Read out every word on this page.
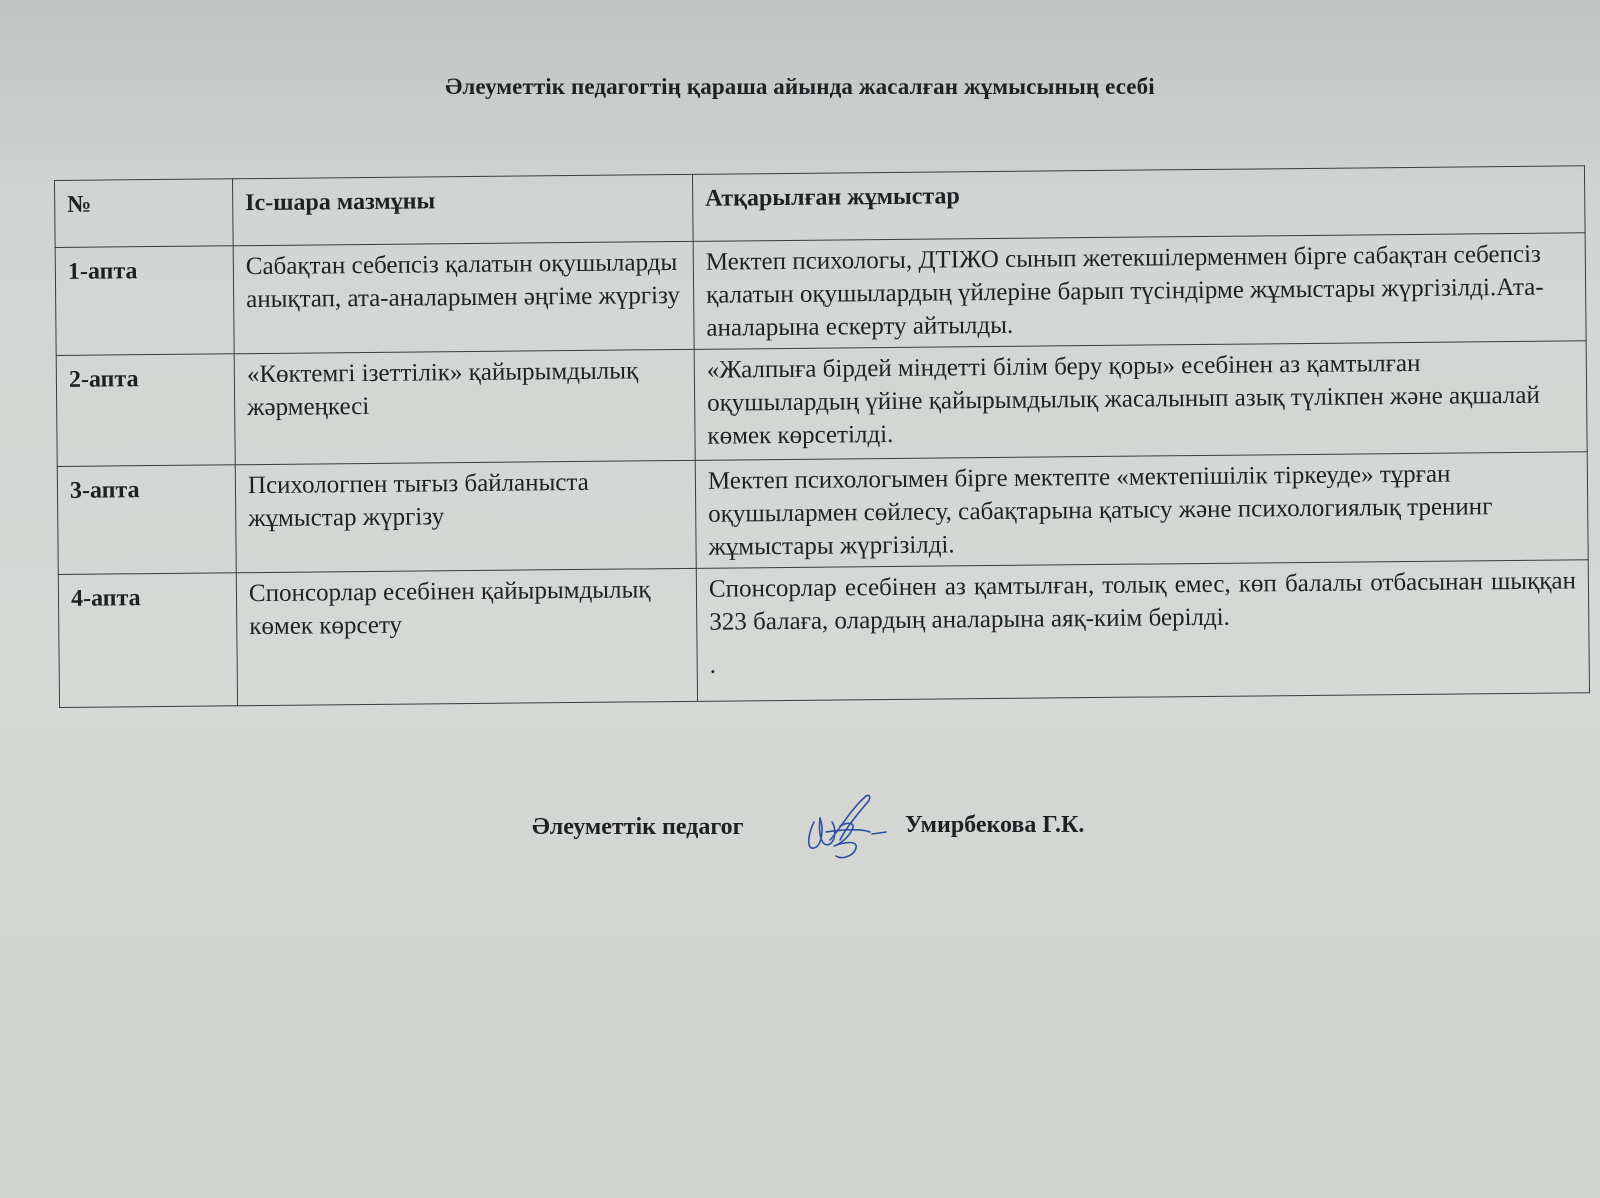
Әлеуметтік педагогтің қараша айында жасалған жұмысының есебі
№	Іс-шара мазмұны	Атқарылған жұмыстар
1-апта	Сабақтан себепсіз қалатын оқушыларды анықтап, ата-аналарымен әңгіме жүргізу	Мектеп психологы, ДТІЖО сынып жетекшілерменмен бірге сабақтан себепсіз қалатын оқушылардың үйлеріне барып түсіндірме жұмыстары жүргізілді.Ата-аналарына ескерту айтылды.
2-апта	«Көктемгі ізеттілік» қайырымдылық жәрмеңкесі	«Жалпыға бірдей міндетті білім беру қоры» есебінен аз қамтылған оқушылардың үйіне қайырымдылық жасалынып азық түлікпен және ақшалай көмек көрсетілді.
3-апта	Психологпен тығыз байланыста жұмыстар жүргізу	Мектеп психологымен бірге мектепте «мектепішілік тіркеуде» тұрған оқушылармен сөйлесу, сабақтарына қатысу және психологиялық тренинг жұмыстары жүргізілді.
4-апта	Спонсорлар есебінен қайырымдылық көмек көрсету	Спонсорлар есебінен аз қамтылған, толық емес, көп балалы отбасынан шыққан 323 балаға, олардың аналарына аяқ-киім берілді.
.
Әлеуметтік педагог	Умирбекова Г.К.
